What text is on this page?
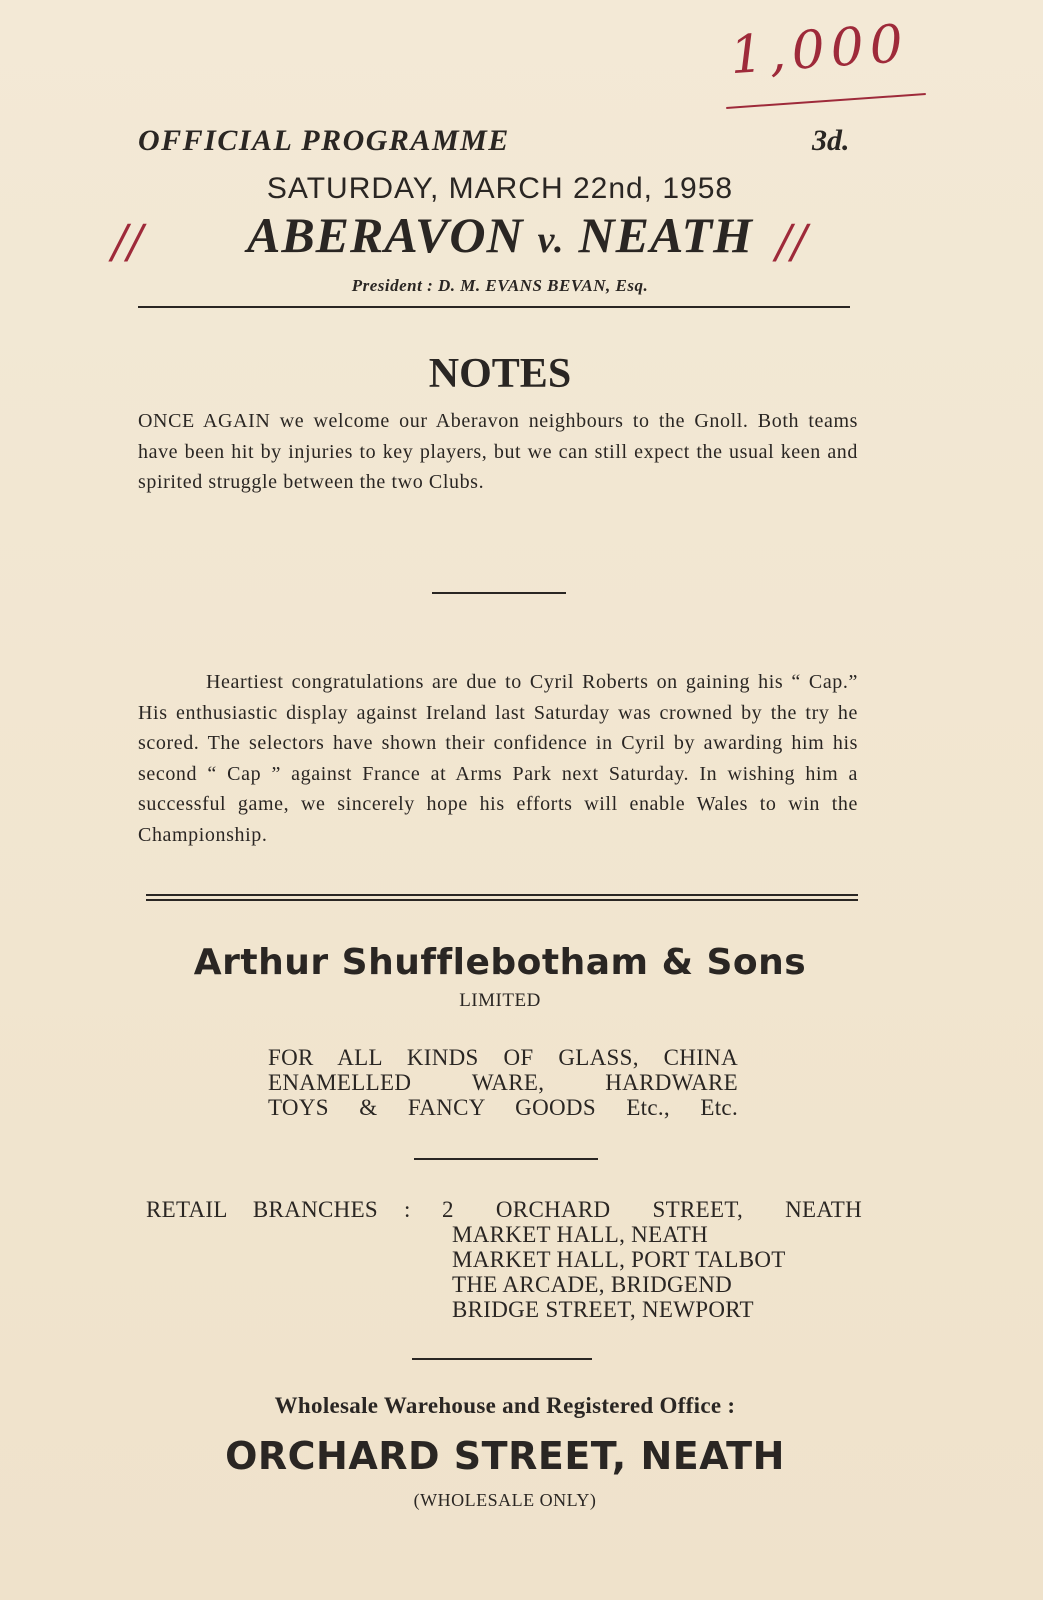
1,000
OFFICIAL PROGRAMME	3d.
SATURDAY, MARCH 22nd, 1958
//	ABERAVON v. NEATH //
President : D. M. EVANS BEVAN, Esq.
NOTES
ONCE AGAIN we welcome our Aberavon neighbours to the Gnoll. Both teams have been hit by injuries to key players, but we can still expect the usual keen and spirited struggle between the two Clubs.
Heartiest congratulations are due to Cyril Roberts on gaining his “ Cap.” His enthusiastic display against Ireland last Saturday was crowned by the try he scored. The selectors have shown their confidence in Cyril by awarding him his second “ Cap ” against France at Arms Park next Saturday. In wishing him a successful game, we sincerely hope his efforts will enable Wales to win the Championship.
Arthur Shufflebotham & Sons
LIMITED
FOR ALL KINDS OF GLASS, CHINA
ENAMELLED WARE, HARDWARE
TOYS & FANCY GOODS Etc., Etc.
RETAIL BRANCHES : 2 ORCHARD STREET, NEATH
MARKET HALL, NEATH
MARKET HALL, PORT TALBOT
THE ARCADE, BRIDGEND
BRIDGE STREET, NEWPORT
Wholesale Warehouse and Registered Office :
ORCHARD STREET, NEATH
(WHOLESALE ONLY)
